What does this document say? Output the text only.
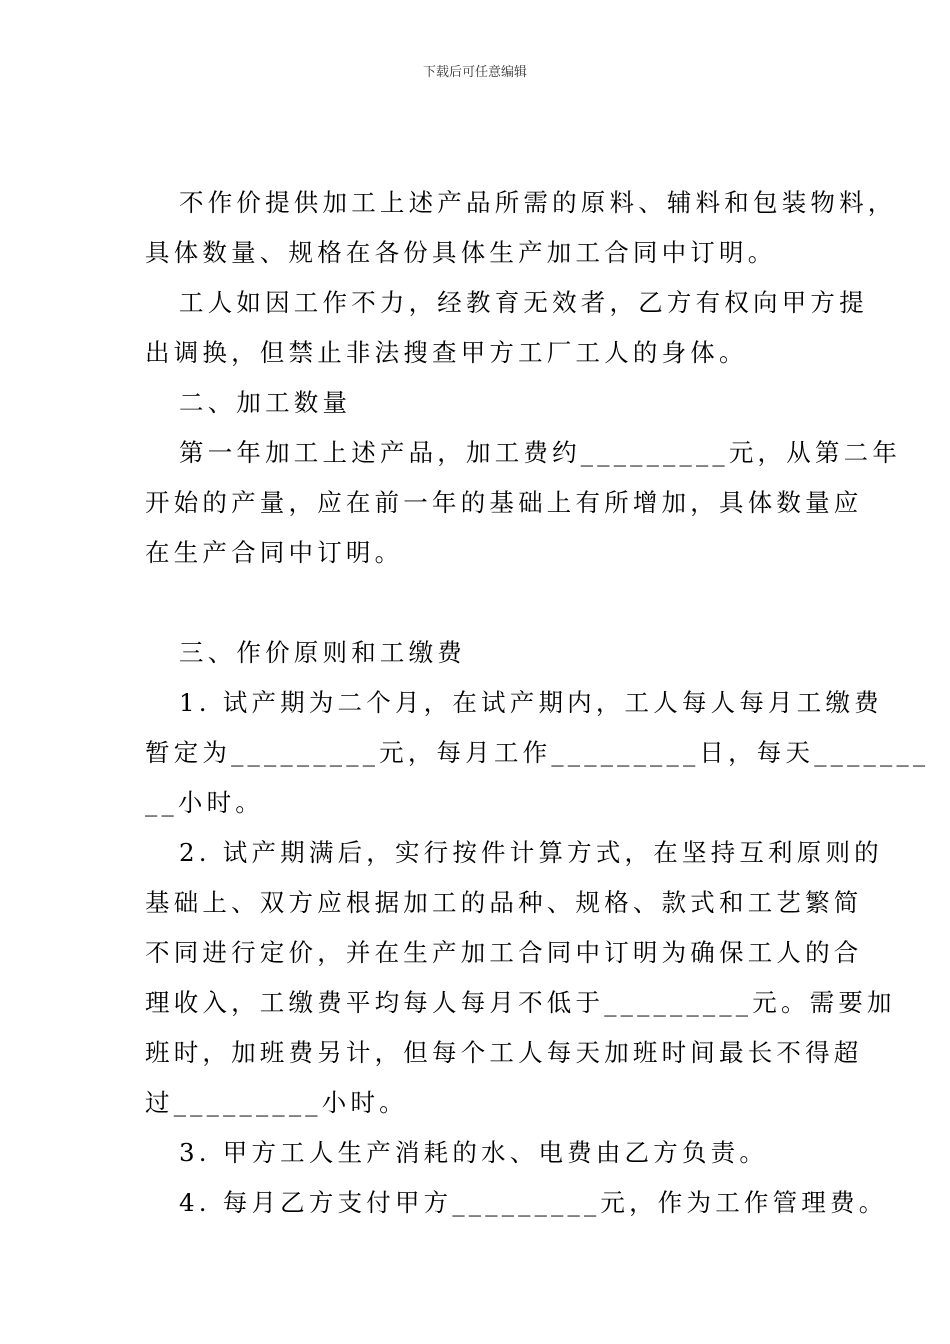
下载后可任意编辑
不作价提供加工上述产品所需的原料、辅料和包装物料，
具体数量、规格在各份具体生产加工合同中订明。
工人如因工作不力，经教育无效者，乙方有权向甲方提
出调换，但禁止非法搜查甲方工厂工人的身体。
二、加工数量
第一年加工上述产品，加工费约_________元，从第二年
开始的产量，应在前一年的基础上有所增加，具体数量应
在生产合同中订明。
三、作价原则和工缴费
1. 试产期为二个月，在试产期内，工人每人每月工缴费
暂定为_________元，每月工作_________日，每天_______
__小时。
2. 试产期满后，实行按件计算方式，在坚持互利原则的
基础上、双方应根据加工的品种、规格、款式和工艺繁简
不同进行定价，并在生产加工合同中订明为确保工人的合
理收入，工缴费平均每人每月不低于_________元。需要加
班时，加班费另计，但每个工人每天加班时间最长不得超
过_________小时。
3. 甲方工人生产消耗的水、电费由乙方负责。
4. 每月乙方支付甲方_________元，作为工作管理费。
